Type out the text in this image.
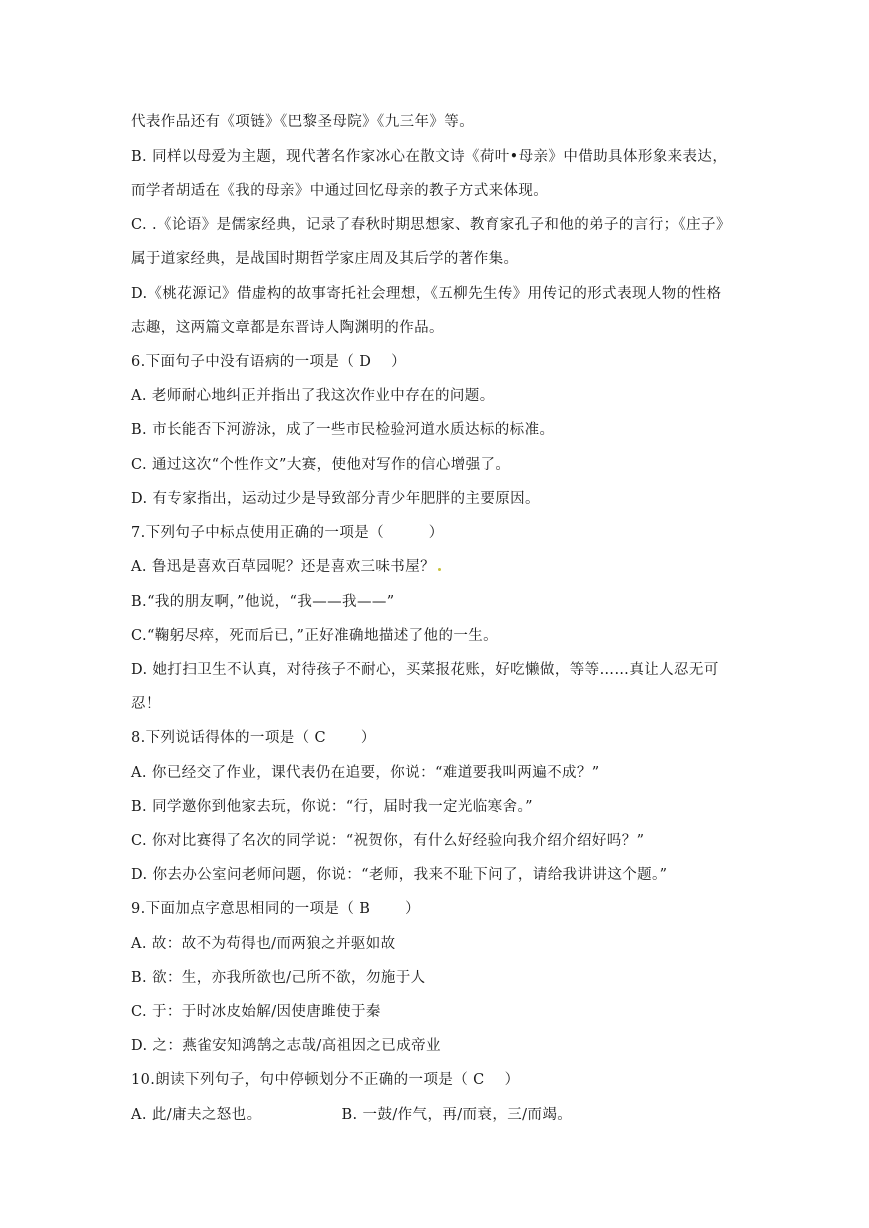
代表作品还有《项链》《巴黎圣母院》《九三年》等。
B. 同样以母爱为主题，现代著名作家冰心在散文诗《荷叶•母亲》中借助具体形象来表达，
而学者胡适在《我的母亲》中通过回忆母亲的教子方式来体现。
C. .《论语》是儒家经典，记录了春秋时期思想家、教育家孔子和他的弟子的言行；《庄子》
属于道家经典，是战国时期哲学家庄周及其后学的著作集。
D.《桃花源记》借虚构的故事寄托社会理想，《五柳先生传》用传记的形式表现人物的性格
志趣，这两篇文章都是东晋诗人陶渊明的作品。
6.下面句子中没有语病的一项是（ D　 ）
A. 老师耐心地纠正并指出了我这次作业中存在的问题。
B. 市长能否下河游泳，成了一些市民检验河道水质达标的标准。
C. 通过这次“个性作文”大赛，使他对写作的信心增强了。
D. 有专家指出，运动过少是导致部分青少年肥胖的主要原因。
7.下列句子中标点使用正确的一项是（　　　）
A. 鲁迅是喜欢百草园呢？还是喜欢三味书屋？
B.“我的朋友啊，”他说，“我——我——”
C.“鞠躬尽瘁，死而后已，”正好准确地描述了他的一生。
D. 她打扫卫生不认真，对待孩子不耐心，买菜报花账，好吃懒做，等等……真让人忍无可
忍！
8.下列说话得体的一项是（ C　　 ）
A. 你已经交了作业，课代表仍在追要，你说：“难道要我叫两遍不成？”
B. 同学邀你到他家去玩，你说：“行，届时我一定光临寒舍。”
C. 你对比赛得了名次的同学说：“祝贺你，有什么好经验向我介绍介绍好吗？”
D. 你去办公室问老师问题，你说：“老师，我来不耻下问了，请给我讲讲这个题。”
9.下面加点字意思相同的一项是（ B　　 ）
A. 故：故不为苟得也/而两狼之并驱如故
B. 欲：生，亦我所欲也/己所不欲，勿施于人
C. 于：于时冰皮始解/因使唐雎使于秦
D. 之：燕雀安知鸿鹄之志哉/高祖因之已成帝业
10.朗读下列句子，句中停顿划分不正确的一项是（ C　 ）
A. 此/庸夫之怒也。	B. 一鼓/作气，再/而衰，三/而竭。
